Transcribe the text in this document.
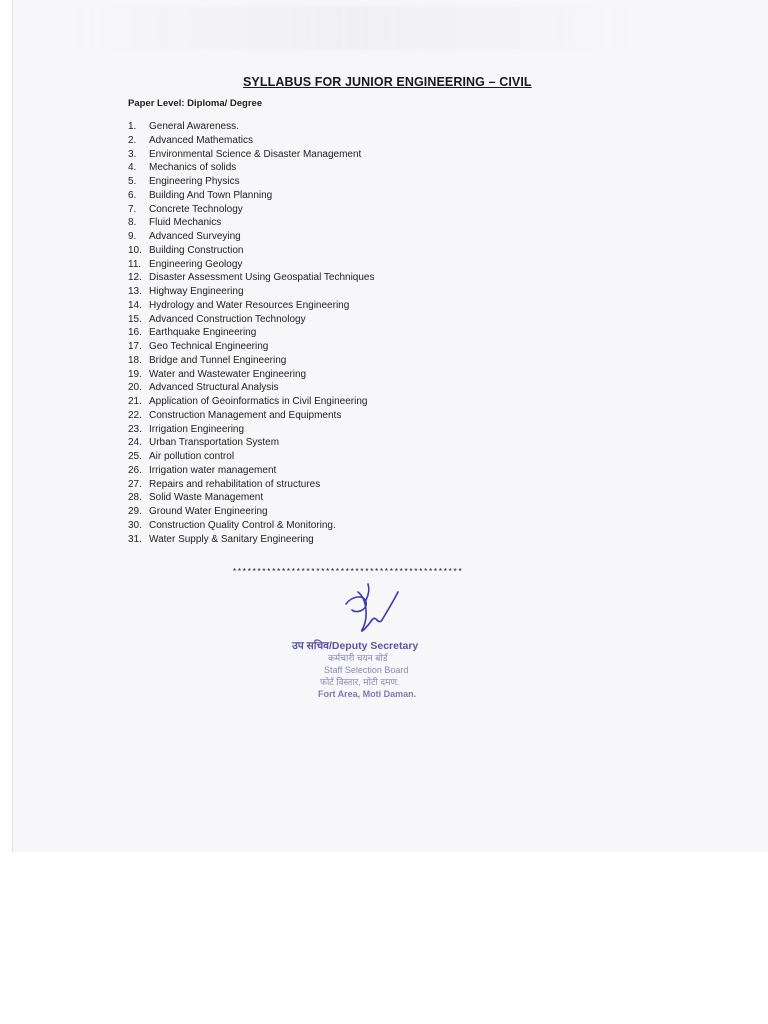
SYLLABUS FOR JUNIOR ENGINEERING – CIVIL

Paper Level: Diploma/ Degree

1.	General Awareness.
2.	Advanced Mathematics
3.	Environmental Science & Disaster Management
4.	Mechanics of solids
5.	Engineering Physics
6.	Building And Town Planning
7.	Concrete Technology
8.	Fluid Mechanics
9.	Advanced Surveying
10. Building Construction
11. Engineering Geology
12. Disaster Assessment Using Geospatial Techniques
13. Highway Engineering
14. Hydrology and Water Resources Engineering
15. Advanced Construction Technology
16. Earthquake Engineering
17. Geo Technical Engineering
18. Bridge and Tunnel Engineering
19. Water and Wastewater Engineering
20. Advanced Structural Analysis
21. Application of Geoinformatics in Civil Engineering
22. Construction Management and Equipments
23. Irrigation Engineering
24. Urban Transportation System
25. Air pollution control
26. Irrigation water management
27. Repairs and rehabilitation of structures
28. Solid Waste Management
29. Ground Water Engineering
30. Construction Quality Control & Monitoring.
31. Water Supply & Sanitary Engineering
***********************************************
उप सचिव/Deputy Secretary
कर्मचारी चयन बोर्ड
Staff Selection Board
फोर्ट विस्तार, मोटी दमण.
Fort Area, Moti Daman.
